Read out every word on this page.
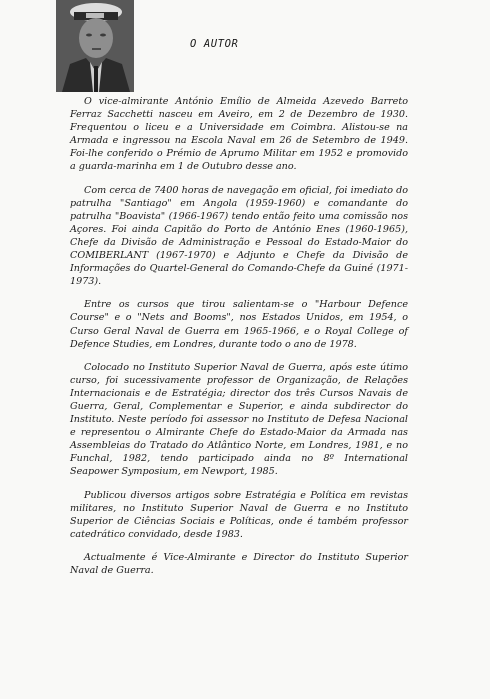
O AUTOR

O vice-almirante António Emílio de Almeida Azevedo Barreto Ferraz Sacchetti nasceu em Aveiro, em 2 de Dezembro de 1930. Frequentou o liceu e a Universidade em Coimbra. Alistou-se na Armada e ingressou na Escola Naval em 26 de Setembro de 1949. Foi-lhe conferido o Prémio de Aprumo Militar em 1952 e promovido a guarda-marinha em 1 de Outubro desse ano.

Com cerca de 7400 horas de navegação em oficial, foi imediato do patrulha "Santiago" em Angola (1959-1960) e comandante do patrulha "Boavista" (1966-1967) tendo então feito uma comissão nos Açores. Foi ainda Capitão do Porto de António Enes (1960-1965), Chefe da Divisão de Administração e Pessoal do Estado-Maior do COMIBERLANT (1967-1970) e Adjunto e Chefe da Divisão de Informações do Quartel-General do Comando-Chefe da Guiné (1971-1973).

Entre os cursos que tirou salientam-se o "Harbour Defence Course" e o "Nets and Booms", nos Estados Unidos, em 1954, o Curso Geral Naval de Guerra em 1965-1966, e o Royal College of Defence Studies, em Londres, durante todo o ano de 1978.

Colocado no Instituto Superior Naval de Guerra, após este útimo curso, foi sucessivamente professor de Organização, de Relações Internacionais e de Estratégia; director dos três Cursos Navais de Guerra, Geral, Complementar e Superior, e ainda subdirector do Instituto. Neste período foi assessor no Instituto de Defesa Nacional e representou o Almirante Chefe do Estado-Maior da Armada nas Assembleias do Tratado do Atlântico Norte, em Londres, 1981, e no Funchal, 1982, tendo participado ainda no 8º International Seapower Symposium, em Newport, 1985.

Publicou diversos artigos sobre Estratégia e Política em revistas militares, no Instituto Superior Naval de Guerra e no Instituto Superior de Ciências Sociais e Políticas, onde é também professor catedrático convidado, desde 1983.

Actualmente é Vice-Almirante e Director do Instituto Superior Naval de Guerra.
